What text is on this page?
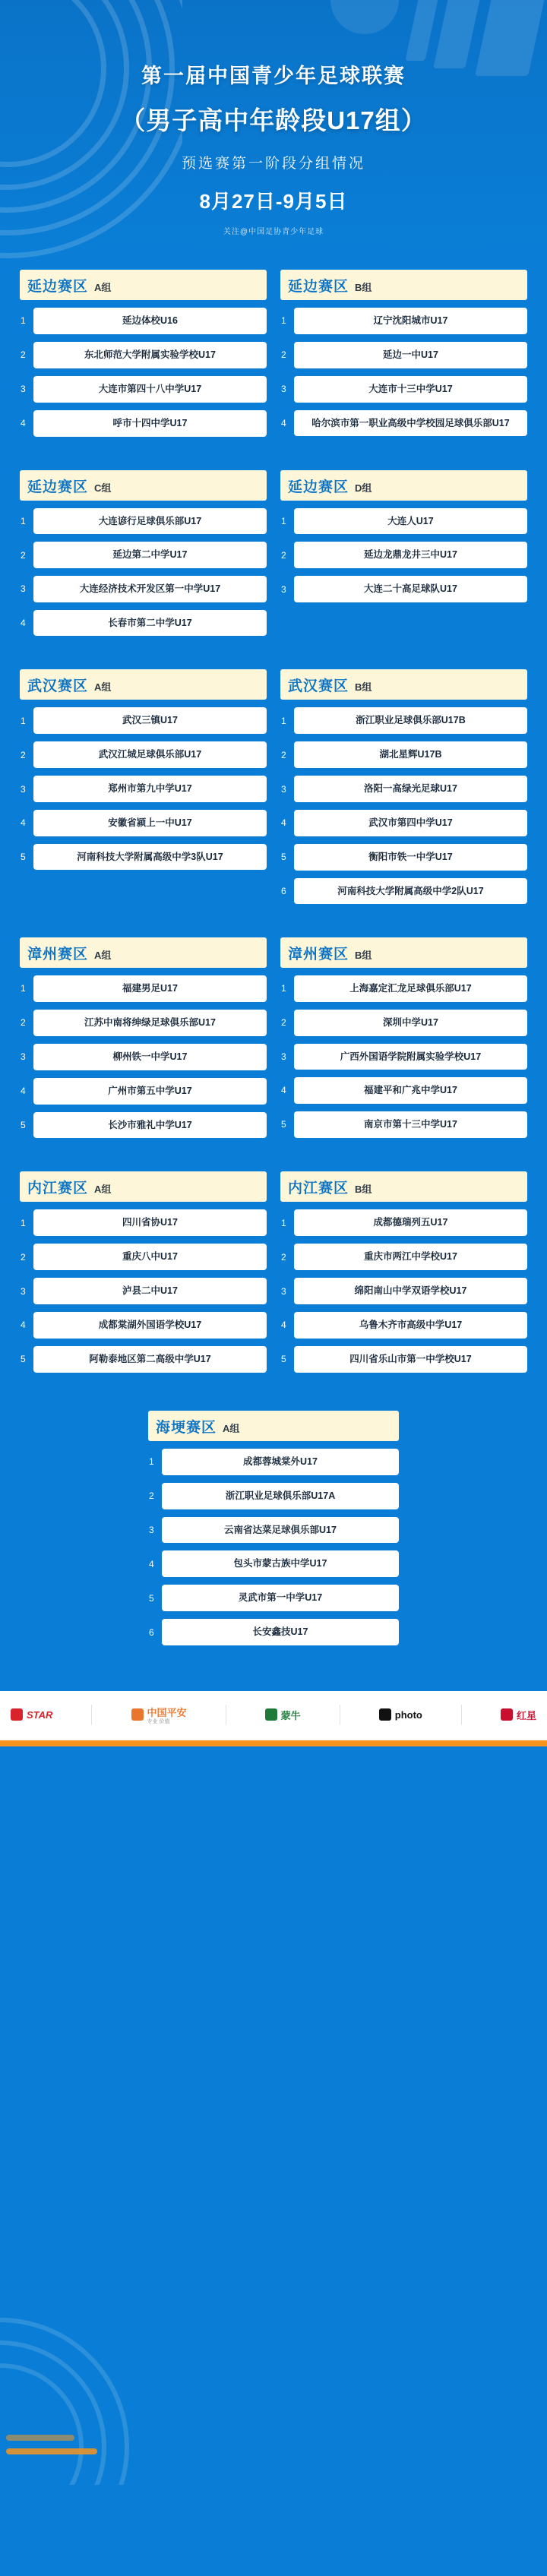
第一届中国青少年足球联赛
（男子高中年龄段U17组）
预选赛第一阶段分组情况
8月27日-9月5日
关注@中国足协青少年足球
延边赛区 A组
1	延边体校U16
2	东北师范大学附属实验学校U17
3	大连市第四十八中学U17
4	呼市十四中学U17
延边赛区 B组
1	辽宁沈阳城市U17
2	延边一中U17
3	大连市十三中学U17
4	哈尔滨市第一职业高级中学校园足球俱乐部U17
延边赛区 C组
1	大连谚行足球俱乐部U17
2	延边第二中学U17
3	大连经济技术开发区第一中学U17
4	长春市第二中学U17
延边赛区 D组
1	大连人U17
2	延边龙鼎龙井三中U17
3	大连二十高足球队U17
武汉赛区 A组
1	武汉三镇U17
2	武汉江城足球俱乐部U17
3	郑州市第九中学U17
4	安徽省颍上一中U17
5	河南科技大学附属高级中学3队U17
武汉赛区 B组
1	浙江职业足球俱乐部U17B
2	湖北星辉U17B
3	洛阳一高绿光足球U17
4	武汉市第四中学U17
5	衡阳市铁一中学U17
6	河南科技大学附属高级中学2队U17
漳州赛区 A组
1	福建男足U17
2	江苏中南将绅绿足球俱乐部U17
3	柳州铁一中学U17
4	广州市第五中学U17
5	长沙市雅礼中学U17
漳州赛区 B组
1	上海嘉定汇龙足球俱乐部U17
2	深圳中学U17
3	广西外国语学院附属实验学校U17
4	福建平和广兆中学U17
5	南京市第十三中学U17
内江赛区 A组
1	四川省协U17
2	重庆八中U17
3	泸县二中U17
4	成都棠湖外国语学校U17
5	阿勒泰地区第二高级中学U17
内江赛区 B组
1	成都德瑞列五U17
2	重庆市两江中学校U17
3	绵阳南山中学双语学校U17
4	乌鲁木齐市高级中学U17
5	四川省乐山市第一中学校U17
海埂赛区 A组
1	成都蓉城棠外U17
2	浙江职业足球俱乐部U17A
3	云南省达菜足球俱乐部U17
4	包头市蒙古族中学U17
5	灵武市第一中学U17
6	长安鑫技U17
STAR	中国平安
专业 价值
蒙牛	photo	红星
